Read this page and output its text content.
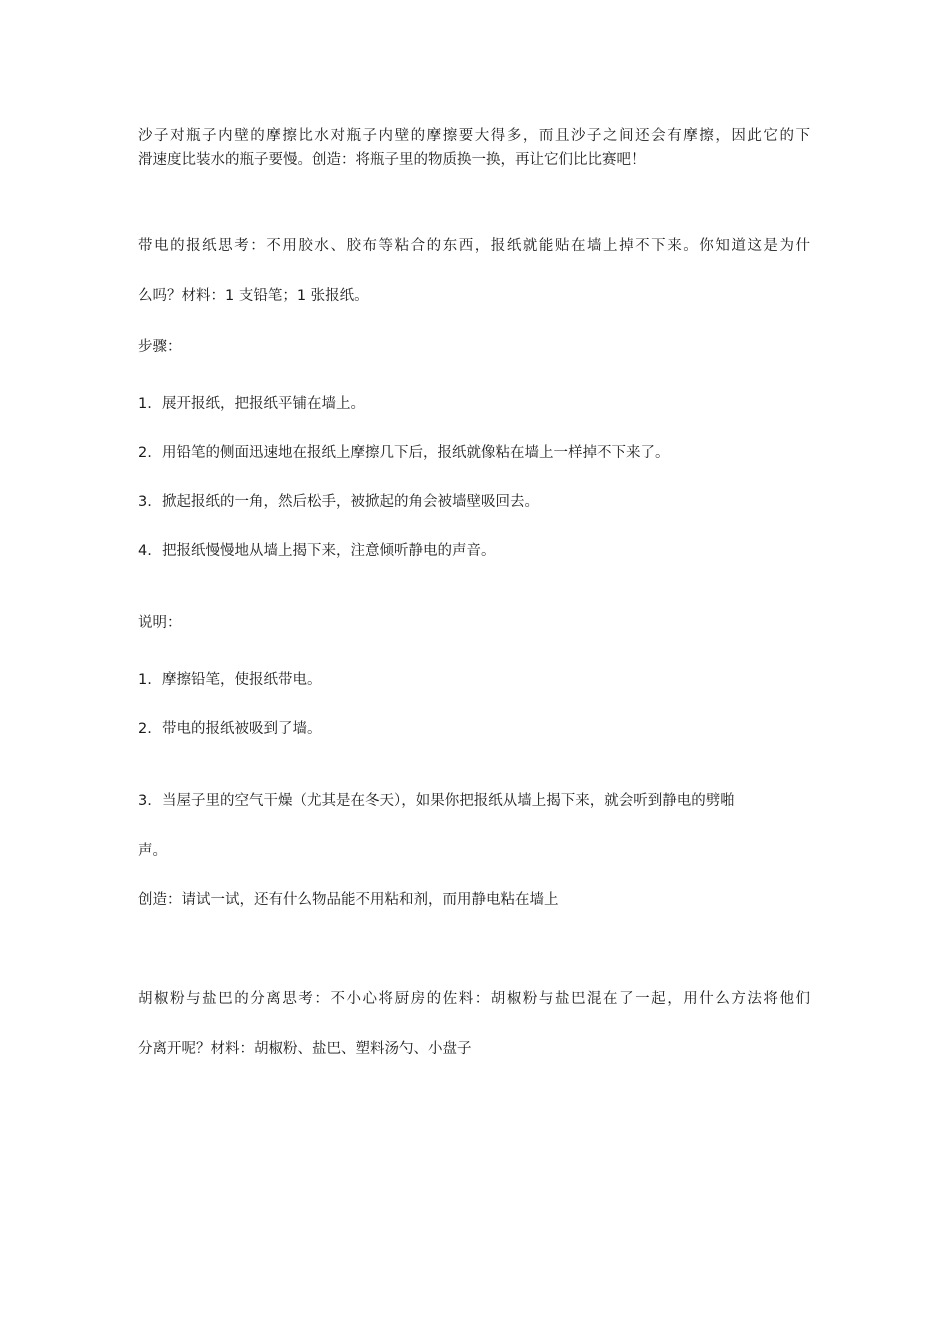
沙子对瓶子内壁的摩擦比水对瓶子内壁的摩擦要大得多，而且沙子之间还会有摩擦，因此它的下

滑速度比装水的瓶子要慢。创造：将瓶子里的物质换一换，再让它们比比赛吧！

带电的报纸思考：不用胶水、胶布等粘合的东西，报纸就能贴在墙上掉不下来。你知道这是为什

么吗？材料：1 支铅笔；1 张报纸。

步骤：

1. 展开报纸，把报纸平铺在墙上。

2. 用铅笔的侧面迅速地在报纸上摩擦几下后，报纸就像粘在墙上一样掉不下来了。

3. 掀起报纸的一角，然后松手，被掀起的角会被墙壁吸回去。

4. 把报纸慢慢地从墙上揭下来，注意倾听静电的声音。

说明：

1. 摩擦铅笔，使报纸带电。

2. 带电的报纸被吸到了墙。

3. 当屋子里的空气干燥（尤其是在冬天），如果你把报纸从墙上揭下来，就会听到静电的劈啪

声。

创造：请试一试，还有什么物品能不用粘和剂，而用静电粘在墙上

胡椒粉与盐巴的分离思考：不小心将厨房的佐料：胡椒粉与盐巴混在了一起，用什么方法将他们

分离开呢？材料：胡椒粉、盐巴、塑料汤勺、小盘子
